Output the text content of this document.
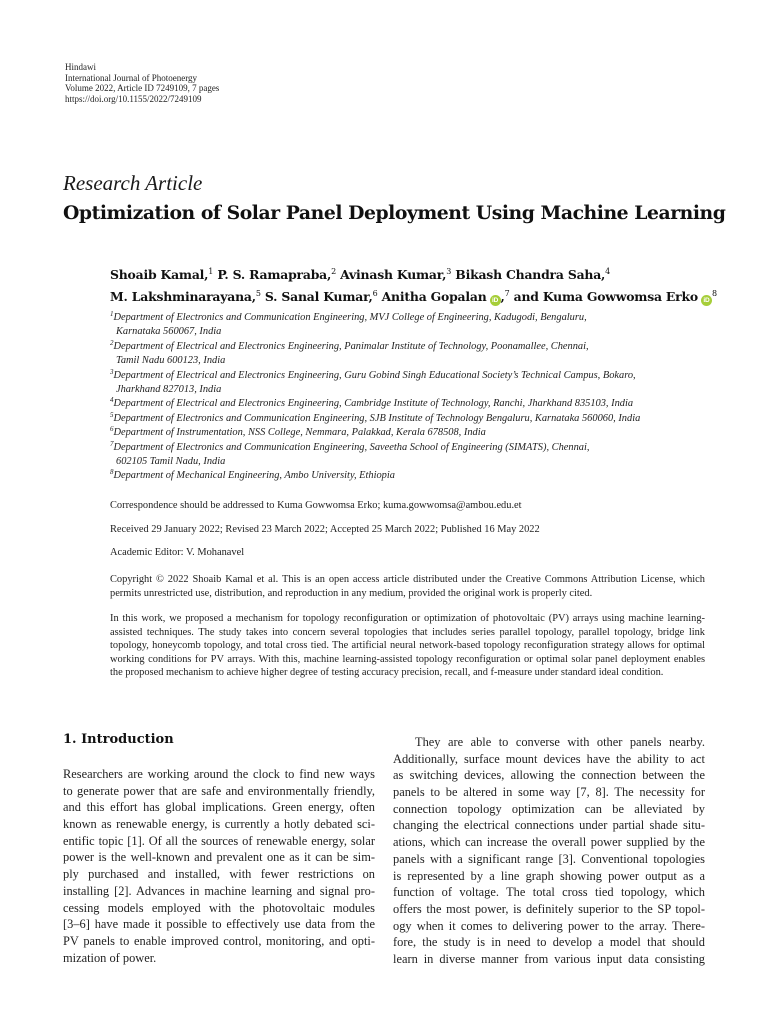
Hindawi
International Journal of Photoenergy
Volume 2022, Article ID 7249109, 7 pages
https://doi.org/10.1155/2022/7249109
Research Article
Optimization of Solar Panel Deployment Using Machine Learning
Shoaib Kamal,$^1$ P. S. Ramapraba,$^2$ Avinash Kumar,$^3$ Bikash Chandra Saha,$^4$
M. Lakshminarayana,$^5$ S. Sanal Kumar,$^6$ Anitha Gopalan iD ,$^7$ and Kuma Gowwomsa Erko $iD^8$
$^1$Department of Electronics and Communication Engineering, MVJ College of Engineering, Kadugodi, Bengaluru,
Karnataka 560067, India
$^2$Department of Electrical and Electronics Engineering, Panimalar Institute of Technology, Poonamallee, Chennai,
Tamil Nadu 600123, India
$^3$Department of Electrical and Electronics Engineering, Guru Gobind Singh Educational Society’s Technical Campus, Bokaro,
Jharkhand 827013, India
$^4$Department of Electrical and Electronics Engineering, Cambridge Institute of Technology, Ranchi, Jharkhand 835103, India
$^5$Department of Electronics and Communication Engineering, SJB Institute of Technology Bengaluru, Karnataka 560060, India
$^6$Department of Instrumentation, NSS College, Nemmara, Palakkad, Kerala 678508, India
$^7$Department of Electronics and Communication Engineering, Saveetha School of Engineering (SIMATS), Chennai,
602105 Tamil Nadu, India
$^8$Department of Mechanical Engineering, Ambo University, Ethiopia
Correspondence should be addressed to Kuma Gowwomsa Erko; kuma.gowwomsa@ambou.edu.et
Received 29 January 2022; Revised 23 March 2022; Accepted 25 March 2022; Published 16 May 2022
Academic Editor: V. Mohanavel
Copyright © 2022 Shoaib Kamal et al. This is an open access article distributed under the Creative Commons Attribution License, which permits unrestricted use, distribution, and reproduction in any medium, provided the original work is properly cited.
In this work, we proposed a mechanism for topology reconfiguration or optimization of photovoltaic (PV) arrays using machine learning-assisted techniques. The study takes into concern several topologies that includes series parallel topology, parallel topology, bridge link topology, honeycomb topology, and total cross tied. The artificial neural network-based topology reconfiguration strategy allows for optimal working conditions for PV arrays. With this, machine learning-assisted topology reconfiguration or optimal solar panel deployment enables the proposed mechanism to achieve higher degree of testing accuracy precision, recall, and f-measure under standard ideal condition.
1. Introduction
Researchers are working around the clock to find new ways
to generate power that are safe and environmentally friendly,
and this effort has global implications. Green energy, often
known as renewable energy, is currently a hotly debated sci-
entific topic [1]. Of all the sources of renewable energy, solar
power is the well-known and prevalent one as it can be sim-
ply purchased and installed, with fewer restrictions on
installing [2]. Advances in machine learning and signal pro-
cessing models employed with the photovoltaic modules
[3–6] have made it possible to effectively use data from the
PV panels to enable improved control, monitoring, and opti-
mization of power.
They are able to converse with other panels nearby.
Additionally, surface mount devices have the ability to act
as switching devices, allowing the connection between the
panels to be altered in some way [7, 8]. The necessity for
connection topology optimization can be alleviated by
changing the electrical connections under partial shade situ-
ations, which can increase the overall power supplied by the
panels with a significant range [3]. Conventional topologies
is represented by a line graph showing power output as a
function of voltage. The total cross tied topology, which
offers the most power, is definitely superior to the SP topol-
ogy when it comes to delivering power to the array. There-
fore, the study is in need to develop a model that should
learn in diverse manner from various input data consisting
